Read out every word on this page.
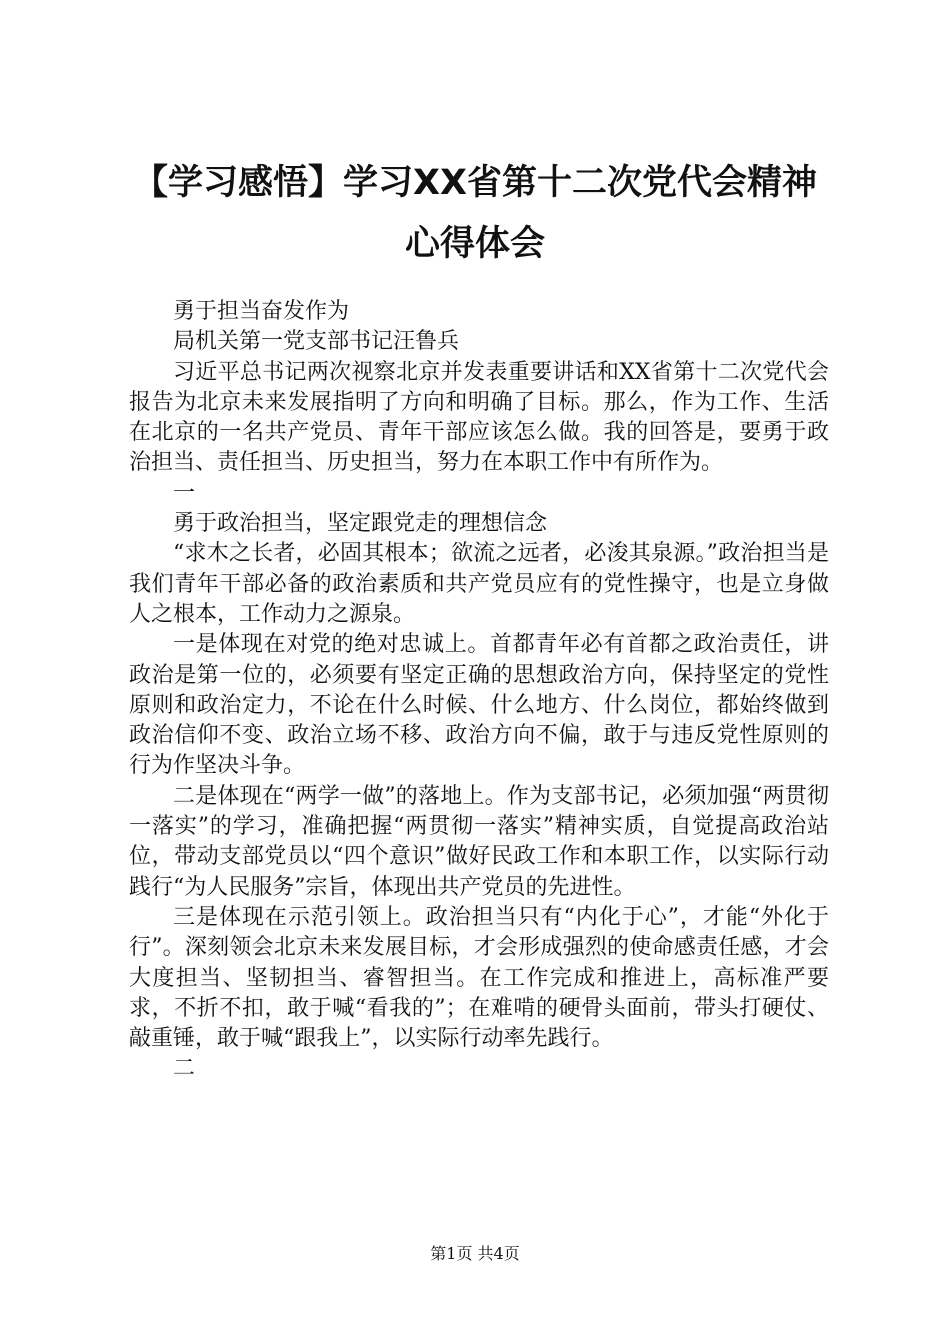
【学习感悟】学习XX省第十二次党代会精神
心得体会

勇于担当奋发作为

局机关第一党支部书记汪鲁兵

习近平总书记两次视察北京并发表重要讲话和XX省第十二次党代会报告为北京未来发展指明了方向和明确了目标。那么，作为工作、生活在北京的一名共产党员、青年干部应该怎么做。我的回答是，要勇于政治担当、责任担当、历史担当，努力在本职工作中有所作为。

一

勇于政治担当，坚定跟党走的理想信念

“求木之长者，必固其根本；欲流之远者，必浚其泉源。”政治担当是我们青年干部必备的政治素质和共产党员应有的党性操守，也是立身做人之根本，工作动力之源泉。

一是体现在对党的绝对忠诚上。首都青年必有首都之政治责任，讲政治是第一位的，必须要有坚定正确的思想政治方向，保持坚定的党性原则和政治定力，不论在什么时候、什么地方、什么岗位，都始终做到政治信仰不变、政治立场不移、政治方向不偏，敢于与违反党性原则的行为作坚决斗争。

二是体现在“两学一做”的落地上。作为支部书记，必须加强“两贯彻一落实”的学习，准确把握“两贯彻一落实”精神实质，自觉提高政治站位，带动支部党员以“四个意识”做好民政工作和本职工作，以实际行动践行“为人民服务”宗旨，体现出共产党员的先进性。

三是体现在示范引领上。政治担当只有“内化于心”，才能“外化于行”。深刻领会北京未来发展目标，才会形成强烈的使命感责任感，才会大度担当、坚韧担当、睿智担当。在工作完成和推进上，高标准严要求，不折不扣，敢于喊“看我的”；在难啃的硬骨头面前，带头打硬仗、敲重锤，敢于喊“跟我上”，以实际行动率先践行。

二

第1页 共4页
